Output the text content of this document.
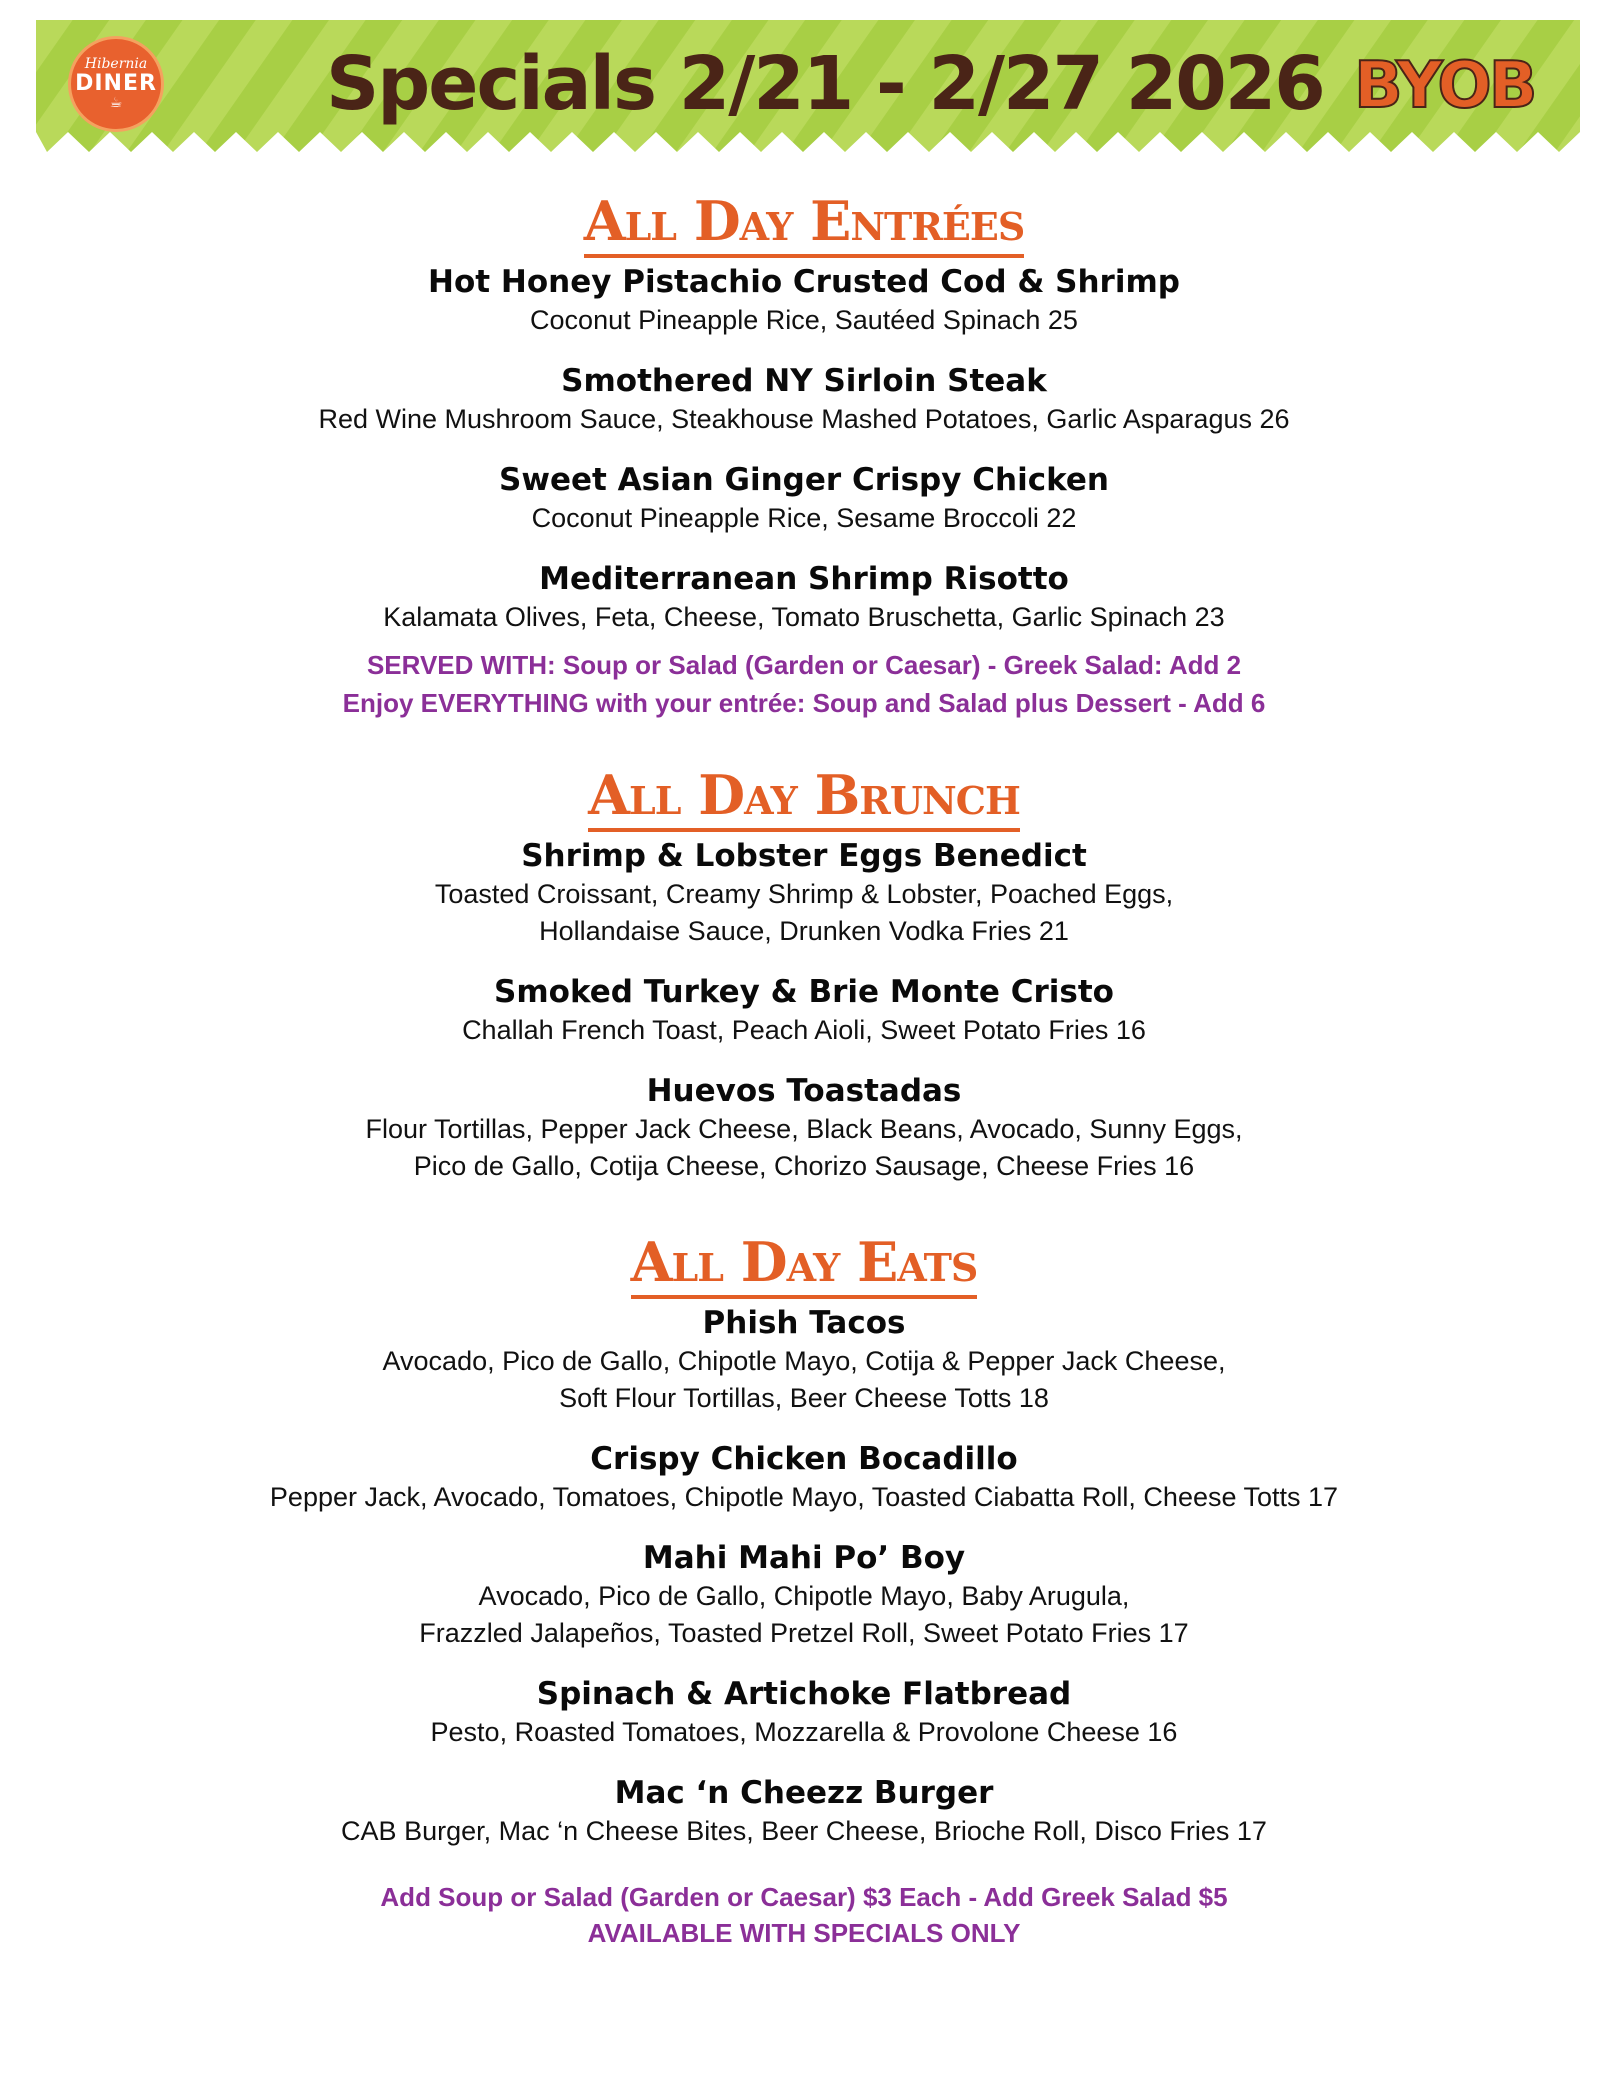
Hibernia
DINER
☕	Specials 2/21 - 2/27 2026 BYOB
All Day Entrées
Hot Honey Pistachio Crusted Cod & Shrimp
Coconut Pineapple Rice, Sautéed Spinach 25
Smothered NY Sirloin Steak
Red Wine Mushroom Sauce, Steakhouse Mashed Potatoes, Garlic Asparagus 26
Sweet Asian Ginger Crispy Chicken
Coconut Pineapple Rice, Sesame Broccoli 22
Mediterranean Shrimp Risotto
Kalamata Olives, Feta, Cheese, Tomato Bruschetta, Garlic Spinach 23
SERVED WITH: Soup or Salad (Garden or Caesar) - Greek Salad: Add 2
Enjoy EVERYTHING with your entrée: Soup and Salad plus Dessert - Add 6
All Day Brunch
Shrimp & Lobster Eggs Benedict
Toasted Croissant, Creamy Shrimp & Lobster, Poached Eggs,
Hollandaise Sauce, Drunken Vodka Fries 21
Smoked Turkey & Brie Monte Cristo
Challah French Toast, Peach Aioli, Sweet Potato Fries 16
Huevos Toastadas
Flour Tortillas, Pepper Jack Cheese, Black Beans, Avocado, Sunny Eggs,
Pico de Gallo, Cotija Cheese, Chorizo Sausage, Cheese Fries 16
All Day Eats
Phish Tacos
Avocado, Pico de Gallo, Chipotle Mayo, Cotija & Pepper Jack Cheese,
Soft Flour Tortillas, Beer Cheese Totts 18
Crispy Chicken Bocadillo
Pepper Jack, Avocado, Tomatoes, Chipotle Mayo, Toasted Ciabatta Roll, Cheese Totts 17
Mahi Mahi Po’ Boy
Avocado, Pico de Gallo, Chipotle Mayo, Baby Arugula,
Frazzled Jalapeños, Toasted Pretzel Roll, Sweet Potato Fries 17
Spinach & Artichoke Flatbread
Pesto, Roasted Tomatoes, Mozzarella & Provolone Cheese 16
Mac ‘n Cheezz Burger
CAB Burger, Mac ‘n Cheese Bites, Beer Cheese, Brioche Roll, Disco Fries 17
Add Soup or Salad (Garden or Caesar) $3 Each - Add Greek Salad $5
AVAILABLE WITH SPECIALS ONLY
